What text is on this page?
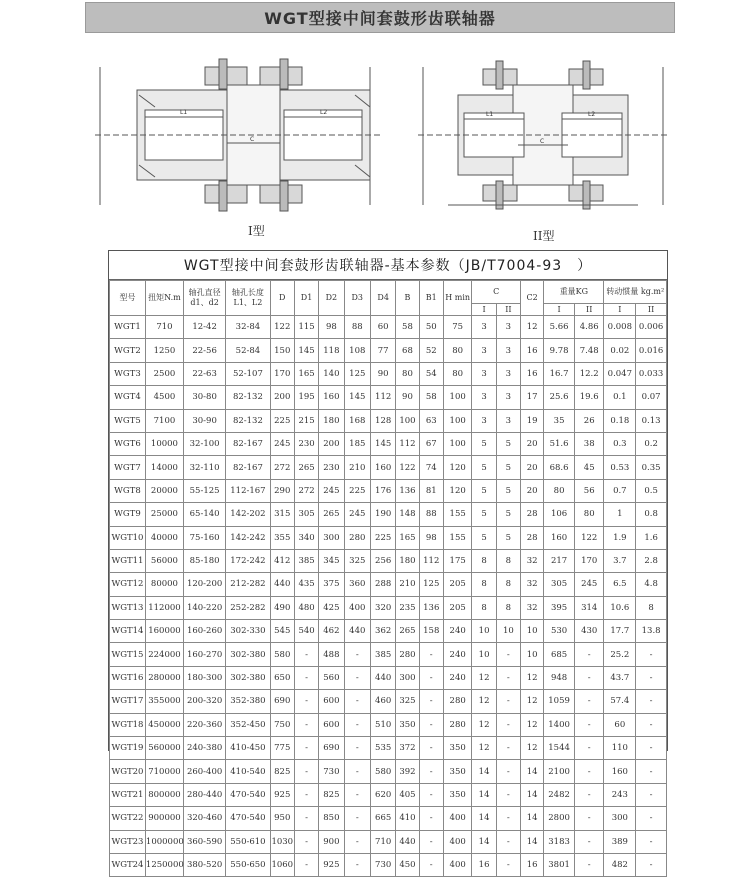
WGT型接中间套鼓形齿联轴器
L1	L2
C
I型
L1	L2
C
II型
WGT型接中间套鼓形齿联轴器-基本参数（JB/T7004-93　）
型号	扭矩N.m	轴孔直径d1、d2	轴孔长度L1、L2	D	D1	D2	D3	D4	B	B1	H min	C		C2	重量KG		转动惯量 kg.m²	
												I	II		I	II	I	II
WGT1	710	12-42	32-84	122	115	98	88	60	58	50	75	3	3	12	5.66	4.86	0.008	0.006
WGT2	1250	22-56	52-84	150	145	118	108	77	68	52	80	3	3	16	9.78	7.48	0.02	0.016
WGT3	2500	22-63	52-107	170	165	140	125	90	80	54	80	3	3	16	16.7	12.2	0.047	0.033
WGT4	4500	30-80	82-132	200	195	160	145	112	90	58	100	3	3	17	25.6	19.6	0.1	0.07
WGT5	7100	30-90	82-132	225	215	180	168	128	100	63	100	3	3	19	35	26	0.18	0.13
WGT6	10000	32-100	82-167	245	230	200	185	145	112	67	100	5	5	20	51.6	38	0.3	0.2
WGT7	14000	32-110	82-167	272	265	230	210	160	122	74	120	5	5	20	68.6	45	0.53	0.35
WGT8	20000	55-125	112-167	290	272	245	225	176	136	81	120	5	5	20	80	56	0.7	0.5
WGT9	25000	65-140	142-202	315	305	265	245	190	148	88	155	5	5	28	106	80	1	0.8
WGT10	40000	75-160	142-242	355	340	300	280	225	165	98	155	5	5	28	160	122	1.9	1.6
WGT11	56000	85-180	172-242	412	385	345	325	256	180	112	175	8	8	32	217	170	3.7	2.8
WGT12	80000	120-200	212-282	440	435	375	360	288	210	125	205	8	8	32	305	245	6.5	4.8
WGT13	112000	140-220	252-282	490	480	425	400	320	235	136	205	8	8	32	395	314	10.6	8
WGT14	160000	160-260	302-330	545	540	462	440	362	265	158	240	10	10	10	530	430	17.7	13.8
WGT15	224000	160-270	302-380	580	-	488	-	385	280	-	240	10	-	10	685	-	25.2	-
WGT16	280000	180-300	302-380	650	-	560	-	440	300	-	240	12	-	12	948	-	43.7	-
WGT17	355000	200-320	352-380	690	-	600	-	460	325	-	280	12	-	12	1059	-	57.4	-
WGT18	450000	220-360	352-450	750	-	600	-	510	350	-	280	12	-	12	1400	-	60	-
WGT19	560000	240-380	410-450	775	-	690	-	535	372	-	350	12	-	12	1544	-	110	-
WGT20	710000	260-400	410-540	825	-	730	-	580	392	-	350	14	-	14	2100	-	160	-
WGT21	800000	280-440	470-540	925	-	825	-	620	405	-	350	14	-	14	2482	-	243	-
WGT22	900000	320-460	470-540	950	-	850	-	665	410	-	400	14	-	14	2800	-	300	-
WGT23	1000000	360-590	550-610	1030	-	900	-	710	440	-	400	14	-	14	3183	-	389	-
WGT24	1250000	380-520	550-650	1060	-	925	-	730	450	-	400	16	-	16	3801	-	482	-
